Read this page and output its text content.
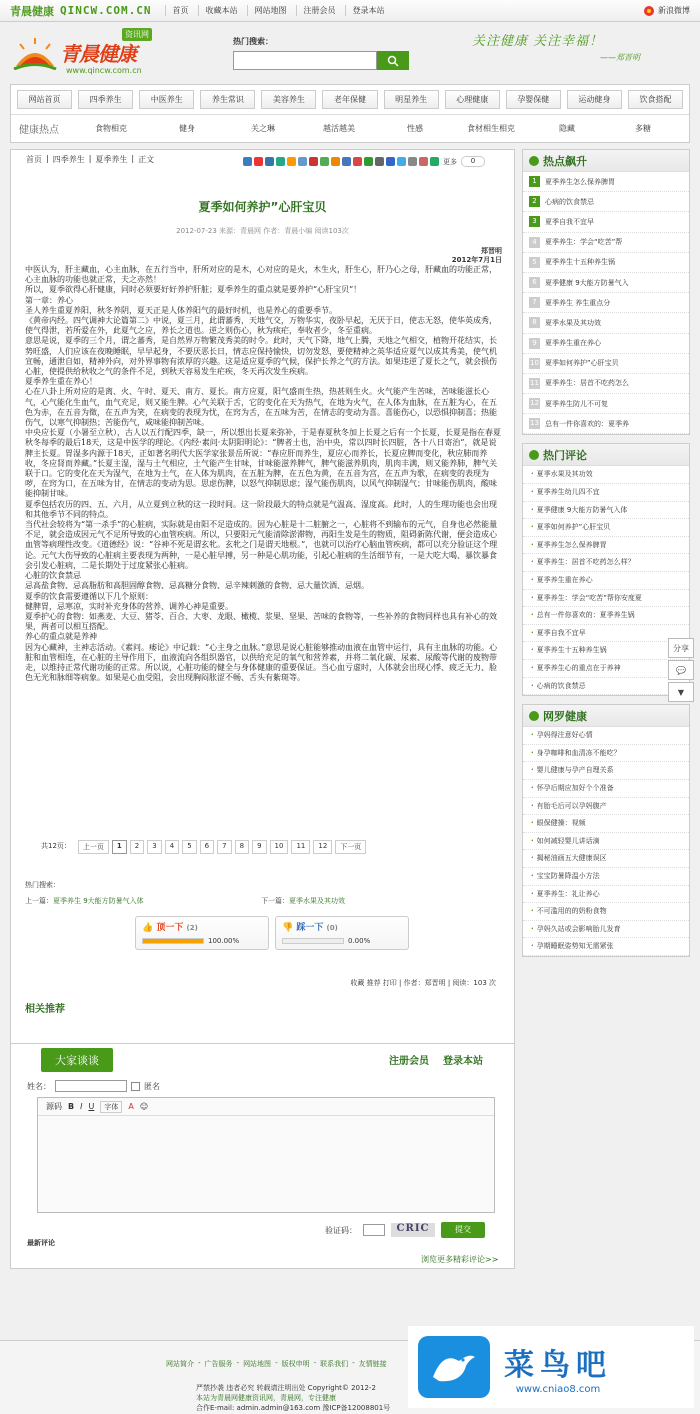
青晨健康 QINCW.COM.CN	首页	收藏本站	网站地图	注册会员	登录本站	新浪微博
青晨健康
资讯网
www.qincw.com.cn
热门搜索：	关注健康 关注幸福！
——郑晋明
网站首页	四季养生	中医养生	养生常识	美容养生	老年保健	明星养生	心理健康	孕婴保健	运动健身	饮食搭配
健康热点	食物相克	健身	关之琳	越活越美	性感	食材相生相克	隐藏	多糖
首页 | 四季养生 | 夏季养生 | 正文	更多	0
夏季如何养护”心肝宝贝
2012-07-23 来源：青晨网 作者：青晨小编 阅读103次
郑晋明
2012年7月1日

中医认为，肝主藏血，心主血脉，在五行当中，肝所对应的是木，心对应的是火，木生火，肝生心，肝乃心之母，肝藏血的功能正常，心主血脉的功能也就正常，夫之亦然！

所以，夏季欲得心肝健康，同时必须要好好养护肝脏；夏季养生的重点就是要养护“心肝宝贝”！

第一章：养心

圣人养生重夏养阳，秋冬养阴，夏天正是人体养阳气的最好时机，也是养心的重要季节。

《黄帝内经。四气调神大论篇第二》中说，夏三月，此谓蕃秀，天地气交，万物华实，夜卧早起，无厌于日，使志无怒，使华英成秀，使气得泄，若所爱在外，此夏气之应，养长之道也。逆之则伤心，秋为痎疟，奉收者少，冬至重病。

意思是说，夏季的三个月，谓之蕃秀，是自然界万物繁茂秀美的时令。此时，天气下降，地气上腾，天地之气相交，植物开花结实，长势旺盛，人们应该在夜晚睡眠，早早起身，不要厌恶长日，情志应保持愉快，切勿发怒，要使精神之英华适应夏气以成其秀美，使气机宣畅，通泄自如，精神外向，对外界事物有浓厚的兴趣。这是适应夏季的气候，保护长养之气的方法。如果违逆了夏长之气，就会损伤心脏，使提供给秋收之气的条件不足，到秋天容易发生疟疾，冬天再次发生疾病。

夏季养生重在养心！

心在八卦上所对应的是离、火、午时、夏天、南方、夏长。南方应夏，阳气盛而生热，热甚则生火。火气能产生苦味，苦味能滋长心气，心气能化生血气，血气充足，则又能生脾。心气关联于舌，它的变化在天为热气，在地为火气，在人体为血脉，在五脏为心，在五色为赤，在五音为徵，在五声为笑，在病变的表现为忧，在窍为舌，在五味为苦，在情志的变动为喜。喜能伤心，以恐惧抑制喜；热能伤气，以寒气抑制热；苦能伤气，咸味能抑制苦味。

中央应长夏（小暑至立秋），古人以五行配四季，缺一，所以想出长夏来弥补，于是春夏秋冬加上长夏之后有一个长夏，长夏是指在春夏秋冬每季的最后18天，这是中医学的理论。《内经·素问·太阴阳明论》：“脾者土也，治中央，常以四时长四脏，各十八日寄治”，就是说脾主长夏。胃湿多内源于18天，正如著名明代大医学家张景岳所说：“春应肝而养生，夏应心而养长，长夏应脾而变化，秋应肺而养收，冬应肾而养藏。”长夏主湿，湿与土气相应，土气能产生甘味，甘味能滋养脾气，脾气能滋养肌肉，肌肉丰满，则又能养肺，脾气关联于口。它的变化在天为湿气，在地为土气，在人体为肌肉，在五脏为脾，在五色为黄，在五音为宫，在五声为歌，在病变的表现为哕，在窍为口，在五味为甘，在情志的变动为思。思虑伤脾，以怒气抑制思虑；湿气能伤肌肉，以风气抑制湿气；甘味能伤肌肉，酸味能抑制甘味。

夏季包括农历的四、五、六月，从立夏到立秋的这一段时间。这一阶段最大的特点就是气温高、湿度高。此时，人的生理功能也会出现和其他季节不同的特点。

当代社会较将为“第一杀手”的心脏病，实际就是由阳不足造成的。因为心脏是十二脏腑之一，心脏将不到输布的元气，自身也必然能量不足，就会造成因元气不足所导致的心血管疾病。所以，只要阳元气能清除淤滞物，再阳生发是生的物质，阻碍新陈代谢，便会造成心血管等病理性改变。《道德经》说：“谷神不死是谓玄牝。玄牝之门是谓天地根。”，也就可以治疗心脑血管疾病，都可以充分验证这个理论。元气大伤导致的心脏病主要表现为两种，一是心脏早搏，另一种是心肌功能，引起心脏病的生活细节有，一是大吃大喝、暴饮暴食会引发心脏病，二是长期处于过度紧张心脏病。

心脏的饮食禁忌

忌高盐食物、忌高脂肪和高胆固醇食物、忌高糖分食物、忌辛辣刺激的食物、忌大量饮酒、忌烟。

夏季的饮食需要遵循以下几个原则：

健脾胃，忌寒凉，实时补充身体的营养、调养心神是重要。

夏季护心的食物：如燕麦、大豆、猪苓、百合、大枣、龙眼、橄榄、浆果、坚果、苦味的食物等，一些补养的食物同样也具有补心的效果，两者可以相互搭配。

养心的重点就是养神

因为心藏神，主神志活动。《素问。痿论》中记载：“心主身之血脉。”意思是说心脏能够推动血液在血管中运行，具有主血脉的功能。心脏和血管相连，在心脏的主导作用下，血液流向各组织器官，以供给充足的氧气和营养素，并将二氧化碳、尿素、尿酸等代谢的废物带走，以维持正常代谢功能的正常。所以说，心脏功能的健全与身体健康的重要保证。当心血亏虚时，人体就会出现心悸、疲乏无力、脸色无光和脉细等病象。如果是心血受阻，会出现胸闷胀涩不畅、舌头有紫斑等。

共12页：	上一页	1	2	3	4	5	6	7	8	9	10	11	12	下一页
热门搜索：
上一篇：夏季养生 9大能方防暑气入体	下一篇：夏季水果及其功效
👍 顶一下 (2)
100.00%
👎 踩一下 (0)
0.00%
收藏 推荐 打印 | 作者：郑晋明 | 阅读：103 次
相关推荐
热点飙升
1	夏季养生怎么保养脾胃
2	心病的饮食禁忌
3	夏季自我不宜早
4	夏季养生：学会“吃苦”帮
5	夏季养生十五种养生锅
6	夏季健康 9大能方防暑气入
7	夏季养生 养生重点分
8	夏季水果及其功效
9	夏季养生重在养心
10 夏季如何养护”心肝宝贝
11 夏季养生：居首不吃药怎么
12 夏季养生防儿不可复
13 总有一件你喜欢的：夏季养
热门评论
· 夏季水果及其功效
· 夏季养生幼儿四不宜
· 夏季健康 9大能方防暑气入体
· 夏季如何养护”心肝宝贝
· 夏季养生怎么保养脾胃
· 夏季养生：居首不吃药怎么样？
· 夏季养生重在养心
· 夏季养生：学会“吃苦”帮你安度夏
· 总有一件你喜欢的：夏季养生锅
· 夏季自我不宜早
· 夏季养生十五种养生锅
· 夏季养生心的重点在于养神
· 心病的饮食禁忌
网罗健康
· 孕妈得注意好心情
· 身孕咖啡和血清冻不能吃？
· 婴儿健康与孕产自理关系
· 怀孕后期应加好个个准备
· 有胎毛后可以孕妈腹产
· 眼保健操：视频
· 如何减轻婴儿讲话滴
· 揭秘油画五大健康误区
· 宝宝防暑降温小方法
· 夏季养生：礼让养心
· 不可滥用的的奶粉食物
· 孕妈久站或会影响胎儿发育
· 孕期睡眠姿势知无需紧张
分享
💬
▼
大家谈谈	注册会员 登录本站
姓名：	匿名
源码 B I U	字体	A ☺
验证码：	CRIC	提交
最新评论
浏览更多精彩评论>>
网站简介 - 广告服务 - 网站地图 - 版权申明 - 联系我们 - 友情链接
严禁抄袭 违者必究 转载请注明出处 Copyright© 2012-2
本站为青晨网健康资讯网，青晨网，专注健康
合作E-mail: admin.admin@163.com 豫ICP备12008801号
菜鸟吧
www.cniao8.com
